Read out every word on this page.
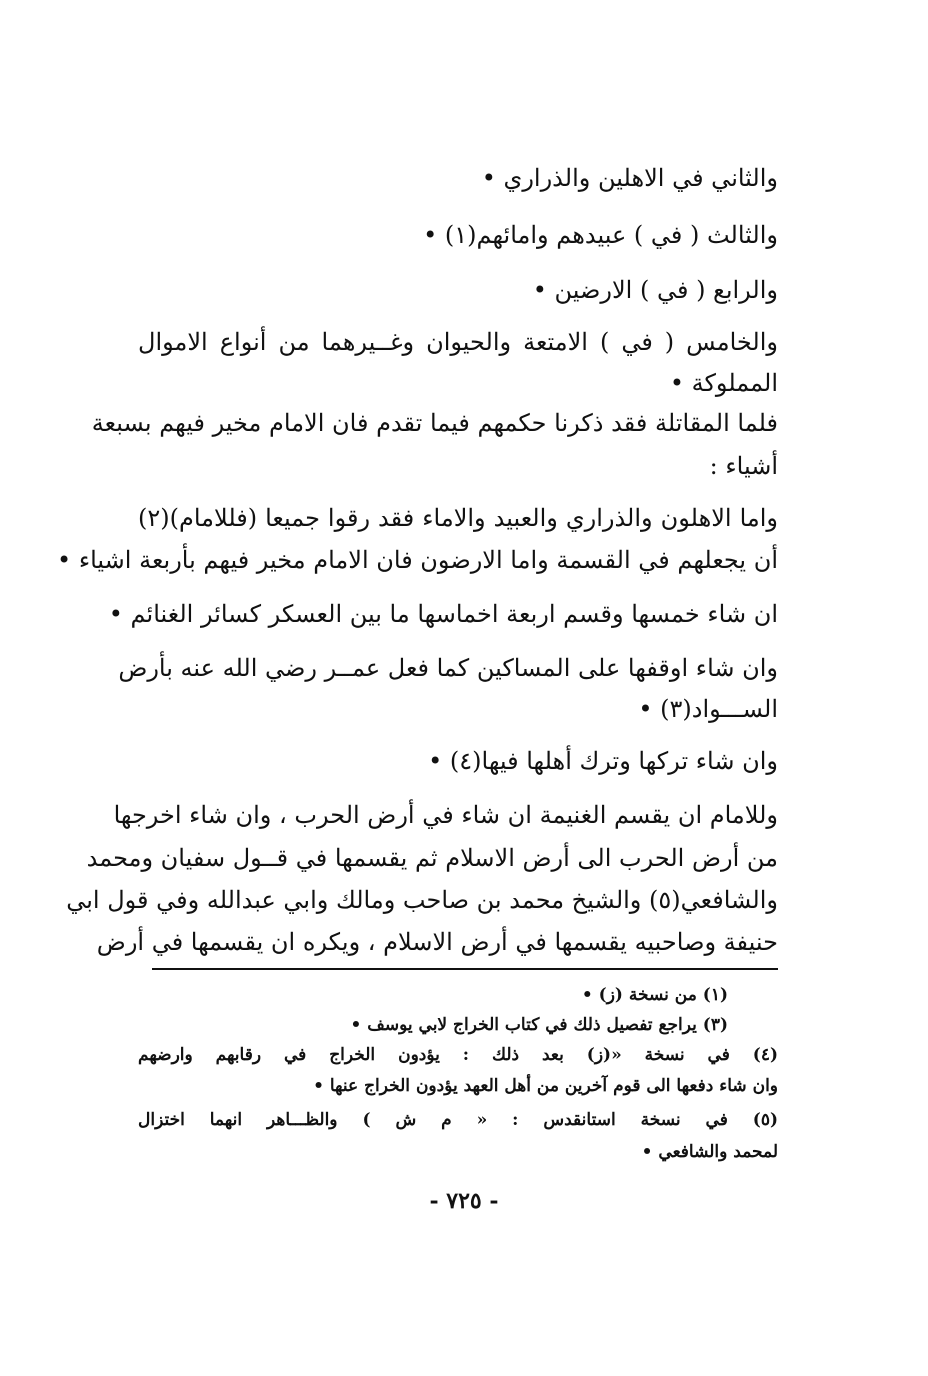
والثاني في الاهلين والذراري •
والثالث ( في ) عبيدهم وامائهم(١) •
والرابع ( في ) الارضين •
والخامس ( في ) الامتعة والحيوان وغــيرهما من أنواع الاموال
المملوكة •
فلما المقاتلة فقد ذكرنا حكمهم فيما تقدم فان الامام مخير فيهم بسبعة
أشياء :
واما الاهلون والذراري والعبيد والاماء فقد رقوا جميعا (فللامام)(٢)
أن يجعلهم في القسمة واما الارضون فان الامام مخير فيهم بأربعة اشياء •
ان شاء خمسها وقسم اربعة اخماسها ما بين العسكر كسائر الغنائم •
وان شاء اوقفها على المساكين كما فعل عمــر رضي الله عنه بأرض
الســـواد(٣) •
وان شاء تركها وترك أهلها فيها(٤) •
وللامام ان يقسم الغنيمة ان شاء في أرض الحرب ، وان شاء اخرجها
من أرض الحرب الى أرض الاسلام ثم يقسمها في قــول سفيان ومحمد
والشافعي(٥) والشيخ محمد بن صاحب ومالك وابي عبدالله وفي قول ابي
حنيفة وصاحبيه يقسمها في أرض الاسلام ، ويكره ان يقسمها في أرض
(١) من نسخة (ز) •
(٣) يراجع تفصيل ذلك في كتاب الخراج لابي يوسف •
(٤) في نسخة «(ز) بعد ذلك : يؤدون الخراج في رقابهم وارضهم
وان شاء دفعها الى قوم آخرين من أهل العهد يؤدون الخراج عنها •
(٥) في نسخة استانقدس : « م ش ) والظـــاهر انهما اختزال
لمحمد والشافعي •
- ٧٢٥ -
